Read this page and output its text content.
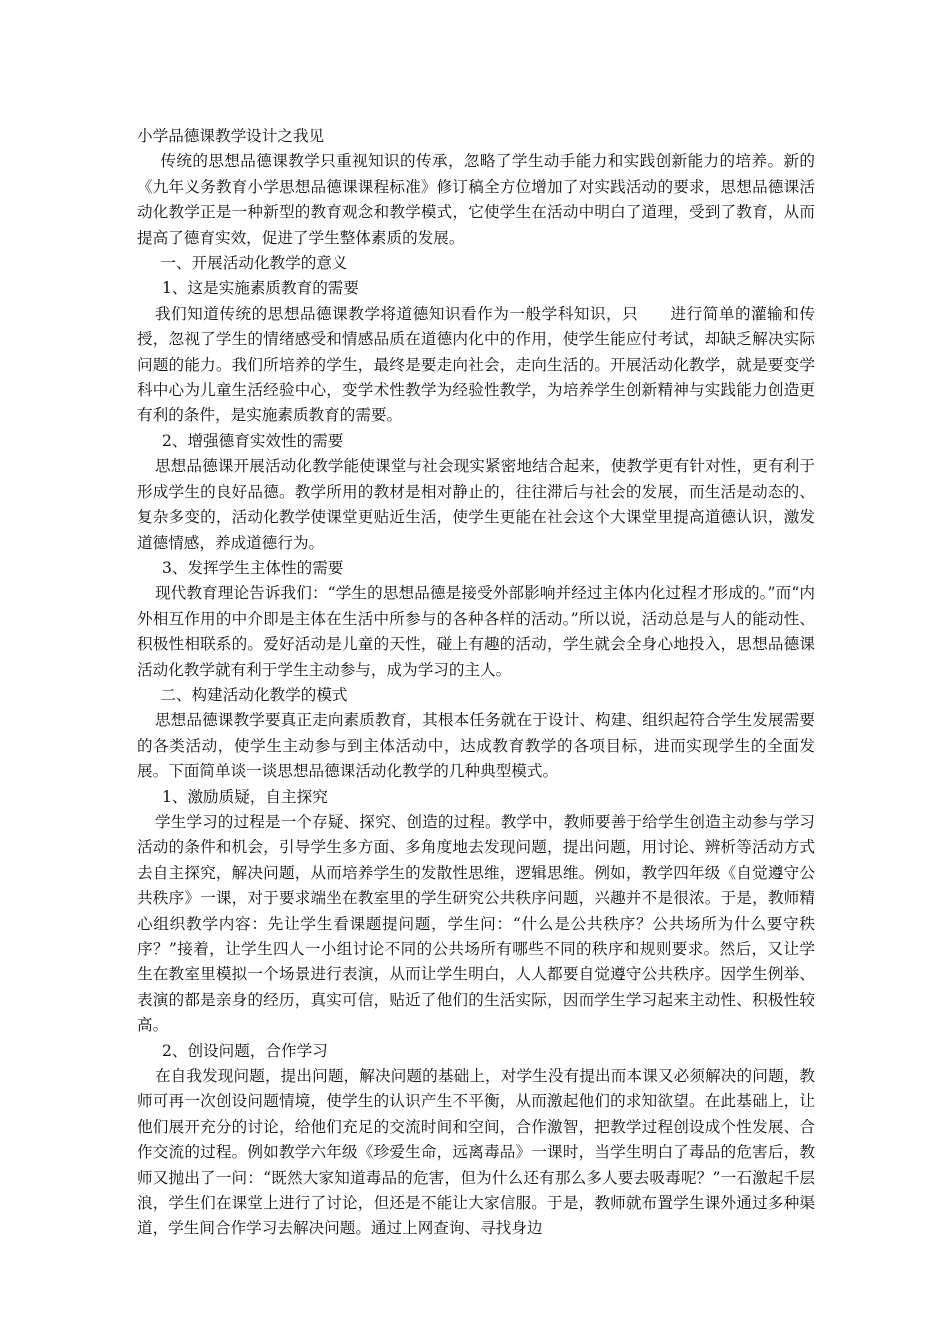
小学品德课教学设计之我见

传统的思想品德课教学只重视知识的传承，忽略了学生动手能力和实践创新能力的培养。新的《九年义务教育小学思想品德课课程标准》修订稿全方位增加了对实践活动的要求，思想品德课活动化教学正是一种新型的教育观念和教学模式，它使学生在活动中明白了道理，受到了教育，从而提高了德育实效，促进了学生整体素质的发展。

一、开展活动化教学的意义

1、这是实施素质教育的需要

我们知道传统的思想品德课教学将道德知识看作为一般学科知识，只　　进行简单的灌输和传授，忽视了学生的情绪感受和情感品质在道德内化中的作用，使学生能应付考试，却缺乏解决实际问题的能力。我们所培养的学生，最终是要走向社会，走向生活的。开展活动化教学，就是要变学科中心为儿童生活经验中心，变学术性教学为经验性教学，为培养学生创新精神与实践能力创造更有利的条件，是实施素质教育的需要。

2、增强德育实效性的需要

思想品德课开展活动化教学能使课堂与社会现实紧密地结合起来，使教学更有针对性，更有利于形成学生的良好品德。教学所用的教材是相对静止的，往往滞后与社会的发展，而生活是动态的、复杂多变的，活动化教学使课堂更贴近生活，使学生更能在社会这个大课堂里提高道德认识，激发道德情感，养成道德行为。

3、发挥学生主体性的需要

现代教育理论告诉我们：“学生的思想品德是接受外部影响并经过主体内化过程才形成的。”而“内外相互作用的中介即是主体在生活中所参与的各种各样的活动。”所以说，活动总是与人的能动性、积极性相联系的。爱好活动是儿童的天性，碰上有趣的活动，学生就会全身心地投入，思想品德课活动化教学就有利于学生主动参与，成为学习的主人。

二、构建活动化教学的模式

思想品德课教学要真正走向素质教育，其根本任务就在于设计、构建、组织起符合学生发展需要的各类活动，使学生主动参与到主体活动中，达成教育教学的各项目标，进而实现学生的全面发展。下面简单谈一谈思想品德课活动化教学的几种典型模式。

1、激励质疑，自主探究

学生学习的过程是一个存疑、探究、创造的过程。教学中，教师要善于给学生创造主动参与学习活动的条件和机会，引导学生多方面、多角度地去发现问题，提出问题，用讨论、辨析等活动方式去自主探究，解决问题，从而培养学生的发散性思维，逻辑思维。例如，教学四年级《自觉遵守公共秩序》一课，对于要求端坐在教室里的学生研究公共秩序问题，兴趣并不是很浓。于是，教师精心组织教学内容：先让学生看课题提问题，学生问：“什么是公共秩序？公共场所为什么要守秩序？”接着，让学生四人一小组讨论不同的公共场所有哪些不同的秩序和规则要求。然后，又让学生在教室里模拟一个场景进行表演，从而让学生明白，人人都要自觉遵守公共秩序。因学生例举、表演的都是亲身的经历，真实可信，贴近了他们的生活实际，因而学生学习起来主动性、积极性较高。

2、创设问题，合作学习

在自我发现问题，提出问题，解决问题的基础上，对学生没有提出而本课又必须解决的问题，教师可再一次创设问题情境，使学生的认识产生不平衡，从而激起他们的求知欲望。在此基础上，让他们展开充分的讨论，给他们充足的交流时间和空间，合作激智，把教学过程创设成个性发展、合作交流的过程。例如教学六年级《珍爱生命，远离毒品》一课时，当学生明白了毒品的危害后，教师又抛出了一问：“既然大家知道毒品的危害，但为什么还有那么多人要去吸毒呢？”一石激起千层浪，学生们在课堂上进行了讨论，但还是不能让大家信服。于是，教师就布置学生课外通过多种渠道，学生间合作学习去解决问题。通过上网查询、寻找身边
